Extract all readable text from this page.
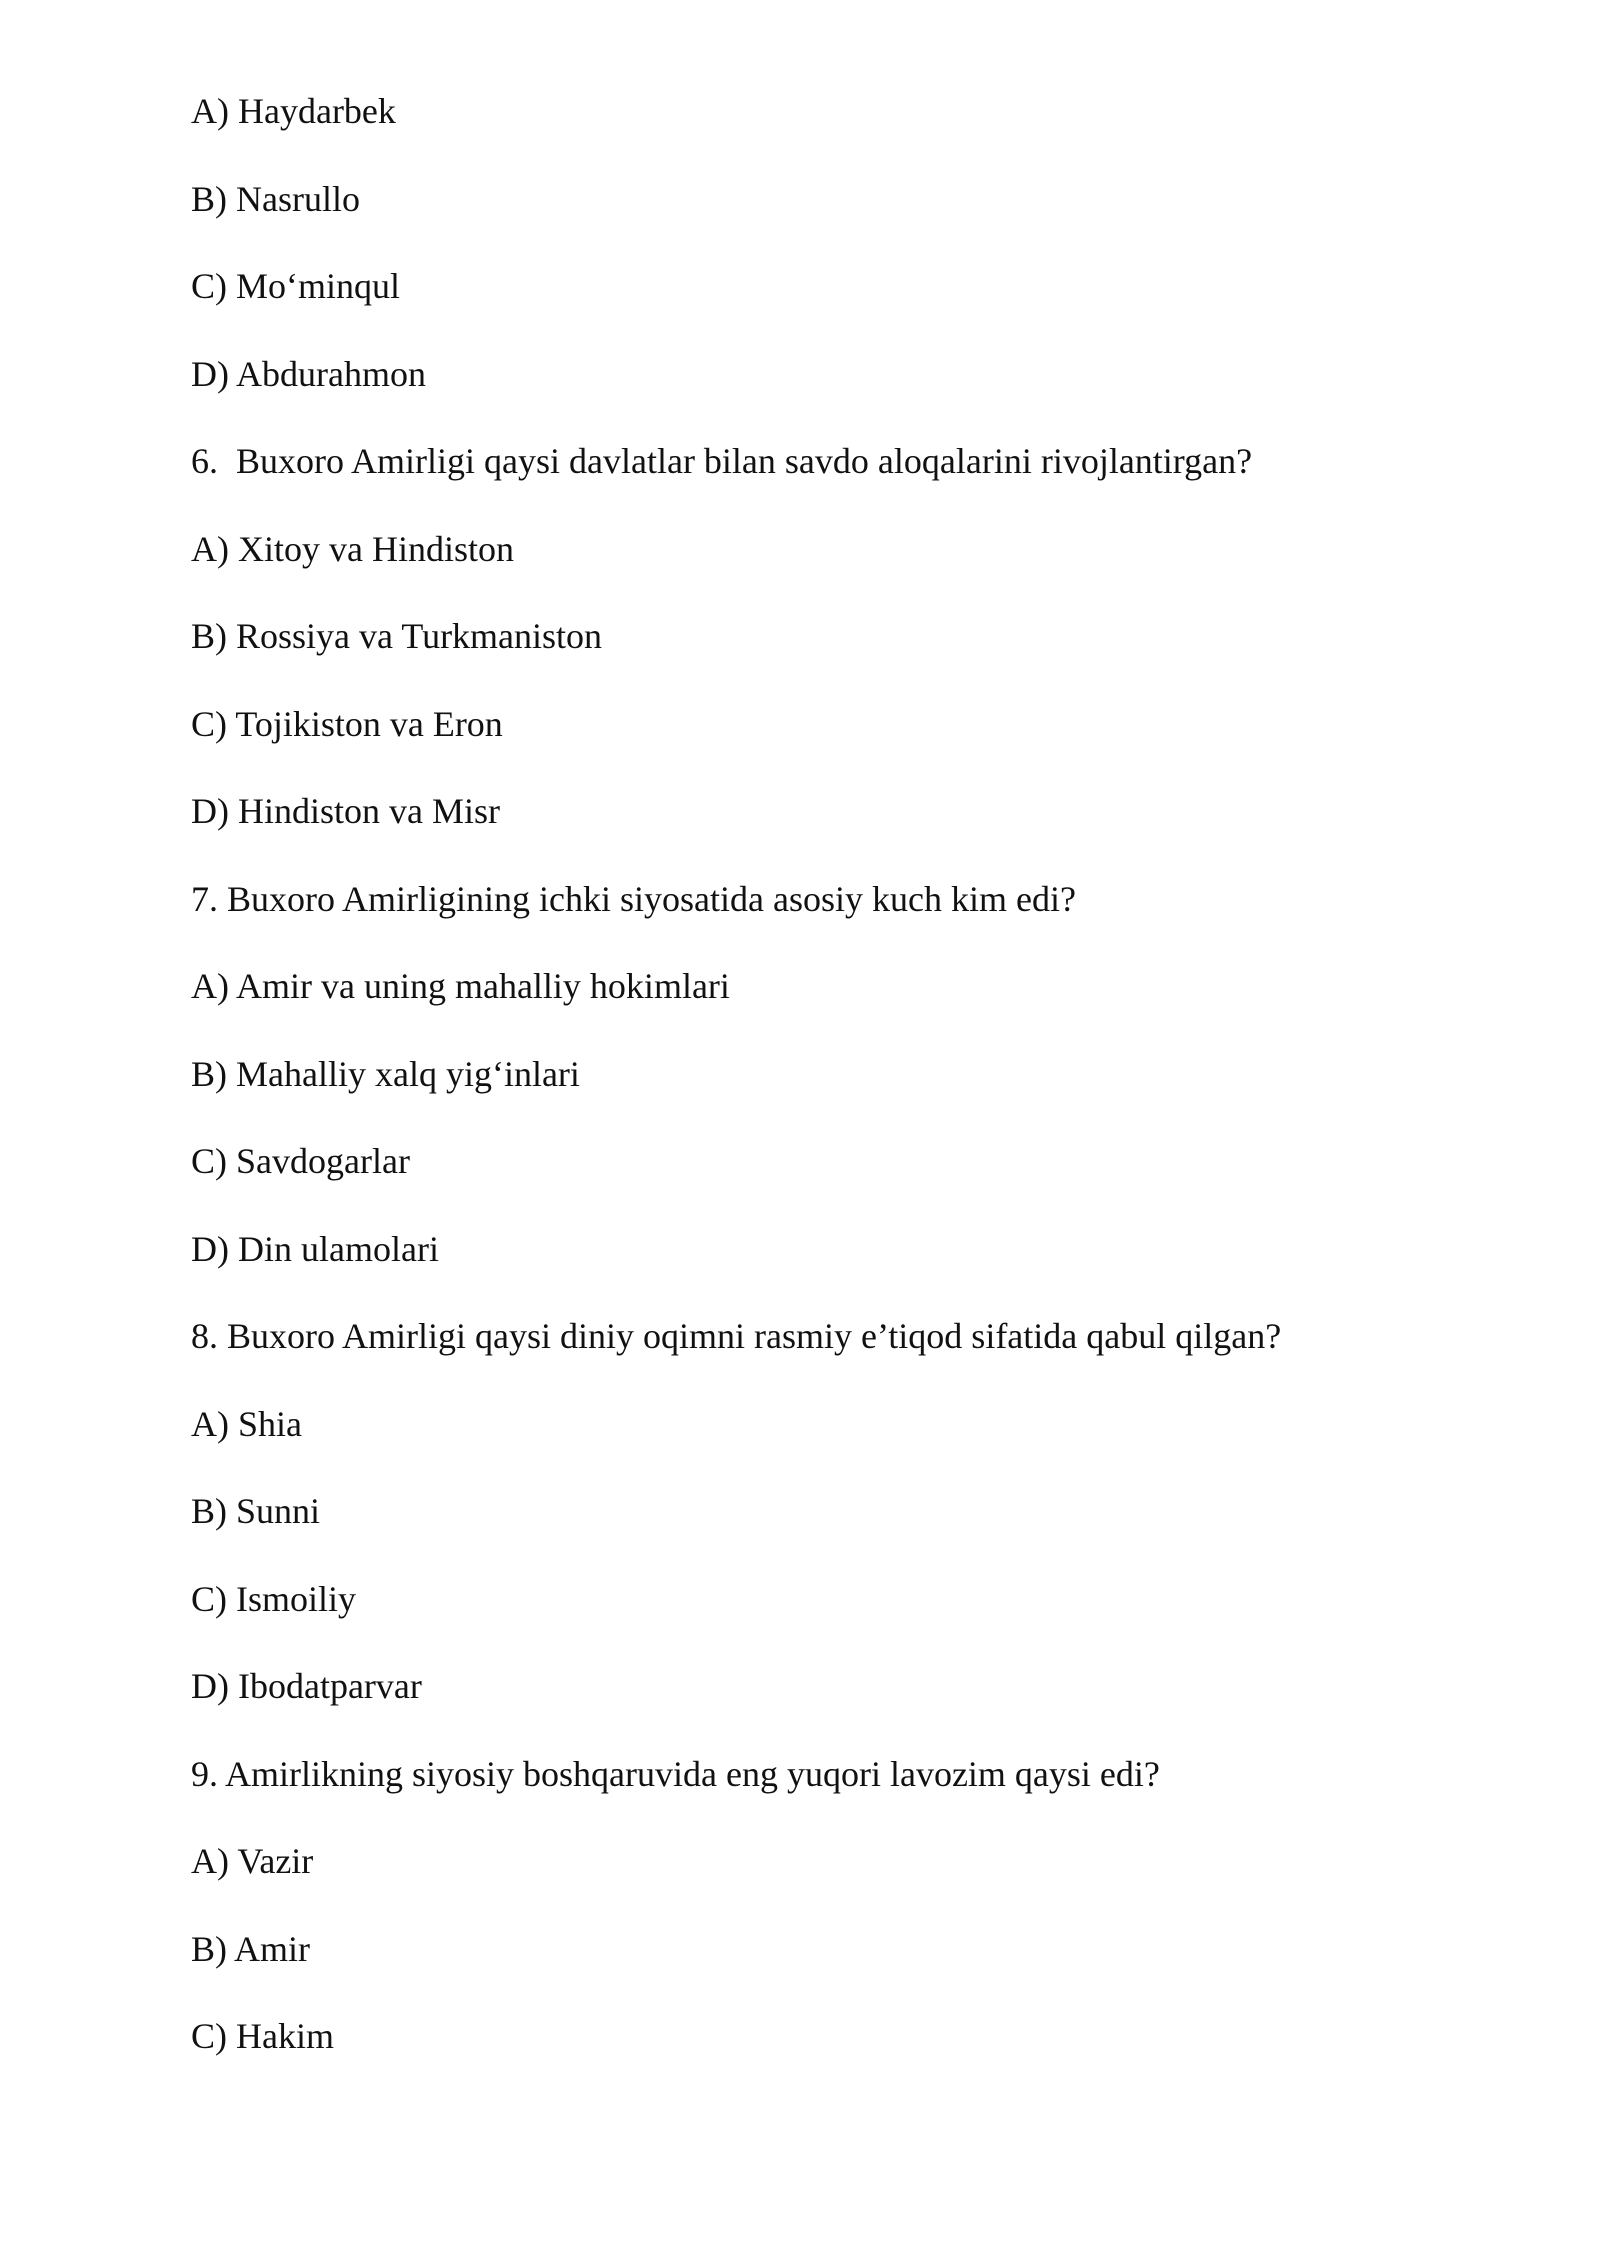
A) Haydarbek
B) Nasrullo
C) Mo‘minqul
D) Abdurahmon
6.  Buxoro Amirligi qaysi davlatlar bilan savdo aloqalarini rivojlantirgan?
A) Xitoy va Hindiston
B) Rossiya va Turkmaniston
C) Tojikiston va Eron
D) Hindiston va Misr
7. Buxoro Amirligining ichki siyosatida asosiy kuch kim edi?
A) Amir va uning mahalliy hokimlari
B) Mahalliy xalq yig‘inlari
C) Savdogarlar
D) Din ulamolari
8. Buxoro Amirligi qaysi diniy oqimni rasmiy e’tiqod sifatida qabul qilgan?
A) Shia
B) Sunni
C) Ismoiliy
D) Ibodatparvar
9. Amirlikning siyosiy boshqaruvida eng yuqori lavozim qaysi edi?
A) Vazir
B) Amir
C) Hakim
